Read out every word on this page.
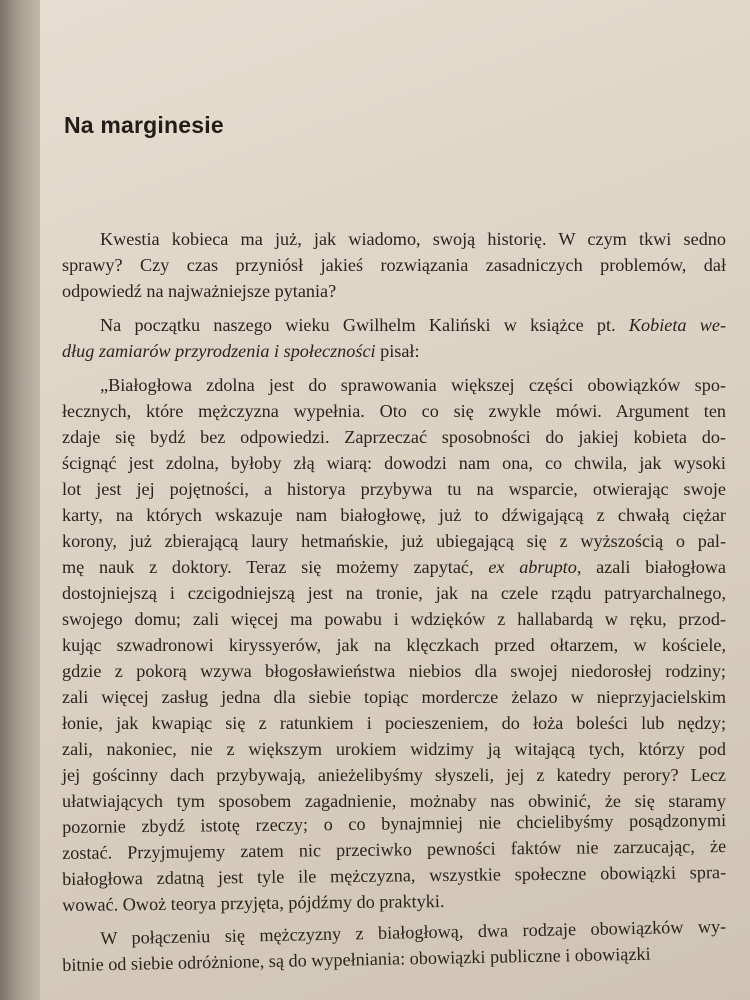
Na marginesie

Kwestia kobieca ma już, jak wiadomo, swoją historię. W czym tkwi sedno
sprawy? Czy czas przyniósł jakieś rozwiązania zasadniczych problemów, dał
odpowiedź na najważniejsze pytania?

Na początku naszego wieku Gwilhelm Kaliński w książce pt. Kobieta we-
dług zamiarów przyrodzenia i społeczności pisał:

„Białogłowa zdolna jest do sprawowania większej części obowiązków spo-
łecznych, które mężczyzna wypełnia. Oto co się zwykle mówi. Argument ten
zdaje się bydź bez odpowiedzi. Zaprzeczać sposobności do jakiej kobieta do-
ścignąć jest zdolna, byłoby złą wiarą: dowodzi nam ona, co chwila, jak wysoki
lot jest jej pojętności, a historya przybywa tu na wsparcie, otwierając swoje
karty, na których wskazuje nam białogłowę, już to dźwigającą z chwałą ciężar
korony, już zbierającą laury hetmańskie, już ubiegającą się z wyższością o pal-
mę nauk z doktory. Teraz się możemy zapytać, ex abrupto, azali białogłowa
dostojniejszą i czcigodniejszą jest na tronie, jak na czele rządu patryarchalnego,
swojego domu; zali więcej ma powabu i wdzięków z hallabardą w ręku, przod-
kując szwadronowi kiryssyerów, jak na klęczkach przed ołtarzem, w kościele,
gdzie z pokorą wzywa błogosławieństwa niebios dla swojej niedorosłej rodziny;
zali więcej zasług jedna dla siebie topiąc mordercze żelazo w nieprzyjacielskim
łonie, jak kwapiąc się z ratunkiem i pocieszeniem, do łoża boleści lub nędzy;
zali, nakoniec, nie z większym urokiem widzimy ją witającą tych, którzy pod
jej gościnny dach przybywają, anieżelibyśmy słyszeli, jej z katedry perory? Lecz
ułatwiających tym sposobem zagadnienie, możnaby nas obwinić, że się staramy
pozornie zbydź istotę rzeczy; o co bynajmniej nie chcielibyśmy posądzonymi
zostać. Przyjmujemy zatem nic przeciwko pewności faktów nie zarzucając, że
białogłowa zdatną jest tyle ile mężczyzna, wszystkie społeczne obowiązki spra-
wować. Owoż teorya przyjęta, pójdźmy do praktyki.

W połączeniu się mężczyzny z białogłową, dwa rodzaje obowiązków wy-
bitnie od siebie odróżnione, są do wypełniania: obowiązki publiczne i obowiązki
